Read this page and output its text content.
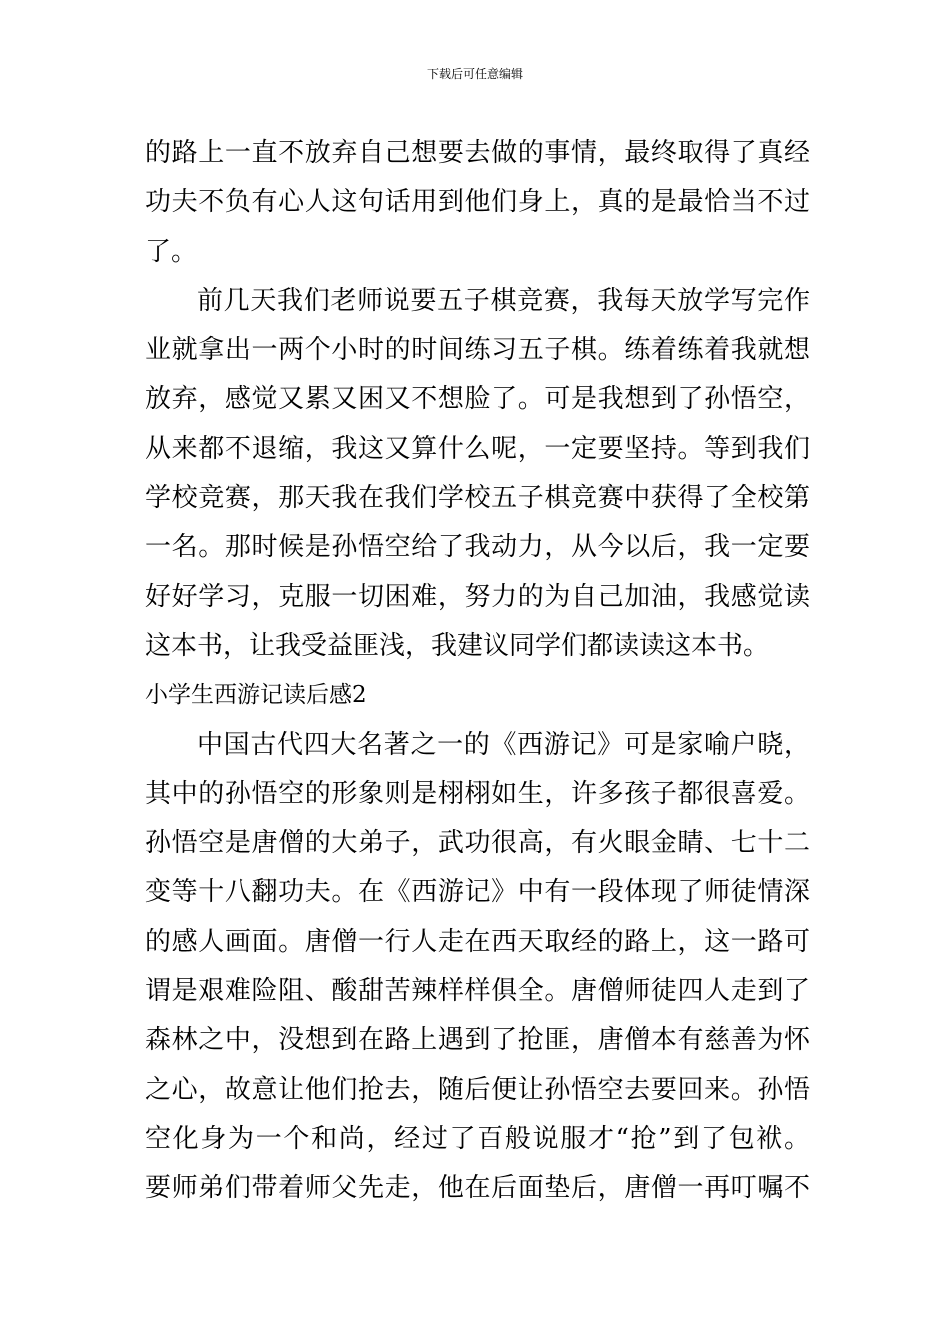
下载后可任意编辑
的路上一直不放弃自己想要去做的事情，最终取得了真经
功夫不负有心人这句话用到他们身上，真的是最恰当不过
了。
前几天我们老师说要五子棋竞赛，我每天放学写完作
业就拿出一两个小时的时间练习五子棋。练着练着我就想
放弃，感觉又累又困又不想脸了。可是我想到了孙悟空，
从来都不退缩，我这又算什么呢，一定要坚持。等到我们
学校竞赛，那天我在我们学校五子棋竞赛中获得了全校第
一名。那时候是孙悟空给了我动力，从今以后，我一定要
好好学习，克服一切困难，努力的为自己加油，我感觉读
这本书，让我受益匪浅，我建议同学们都读读这本书。
小学生西游记读后感2
中国古代四大名著之一的《西游记》可是家喻户晓，
其中的孙悟空的形象则是栩栩如生，许多孩子都很喜爱。
孙悟空是唐僧的大弟子，武功很高，有火眼金睛、七十二
变等十八翻功夫。在《西游记》中有一段体现了师徒情深
的感人画面。唐僧一行人走在西天取经的路上，这一路可
谓是艰难险阻、酸甜苦辣样样俱全。唐僧师徒四人走到了
森林之中，没想到在路上遇到了抢匪，唐僧本有慈善为怀
之心，故意让他们抢去，随后便让孙悟空去要回来。孙悟
空化身为一个和尚，经过了百般说服才“抢”到了包袱。
要师弟们带着师父先走，他在后面垫后，唐僧一再叮嘱不
